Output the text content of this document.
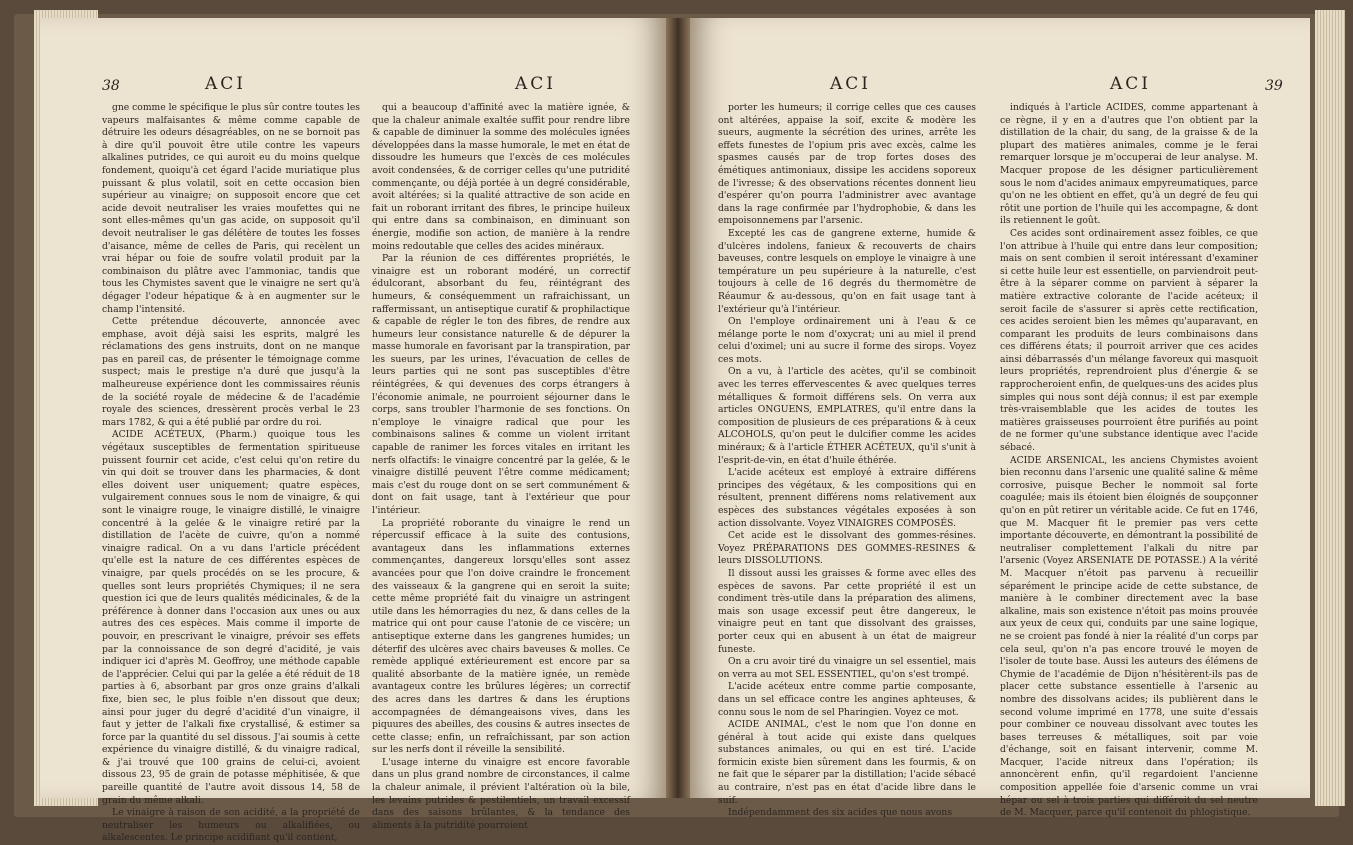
38	ACI	ACI

gne comme le spécifique le plus sûr contre toutes les vapeurs malfaisantes & même comme capable de détruire les odeurs désagréables, on ne se bornoit pas à dire qu'il pouvoit être utile contre les vapeurs alkalines putrides, ce qui auroit eu du moins quelque fondement, quoiqu'à cet égard l'acide muriatique plus puissant & plus volatil, soit en cette occasion bien supérieur au vinaigre; on supposoit encore que cet acide devoit neutraliser les vraies moufettes qui ne sont elles-mêmes qu'un gas acide, on supposoit qu'il devoit neutraliser le gas délétère de toutes les fosses d'aisance, même de celles de Paris, qui recèlent un vrai hépar ou foie de soufre volatil produit par la combinaison du plâtre avec l'ammoniac, tandis que tous les Chymistes savent que le vinaigre ne sert qu'à dégager l'odeur hépatique & à en augmenter sur le champ l'intensité.

Cette prétendue découverte, annoncée avec emphase, avoit déjà saisi les esprits, malgré les réclamations des gens instruits, dont on ne manque pas en pareil cas, de présenter le témoignage comme suspect; mais le prestige n'a duré que jusqu'à la malheureuse expérience dont les commissaires réunis de la société royale de médecine & de l'académie royale des sciences, dressèrent procès verbal le 23 mars 1782, & qui a été publié par ordre du roi.

ACIDE ACÉTEUX, (Pharm.) quoique tous les végétaux susceptibles de fermentation spiritueuse puissent fournir cet acide, c'est celui qu'on retire du vin qui doit se trouver dans les pharmacies, & dont elles doivent user uniquement; quatre espèces, vulgairement connues sous le nom de vinaigre, & qui sont le vinaigre rouge, le vinaigre distillé, le vinaigre concentré à la gelée & le vinaigre retiré par la distillation de l'acète de cuivre, qu'on a nommé vinaigre radical. On a vu dans l'article précédent qu'elle est la nature de ces différentes espèces de vinaigre, par quels procédés on se les procure, & quelles sont leurs propriétés Chymiques; il ne sera question ici que de leurs qualités médicinales, & de la préférence à donner dans l'occasion aux unes ou aux autres des ces espèces. Mais comme il importe de pouvoir, en prescrivant le vinaigre, prévoir ses effets par la connoissance de son degré d'acidité, je vais indiquer ici d'après M. Geoffroy, une méthode capable de l'apprécier. Celui qui par la gelée a été réduit de 18 parties à 6, absorbant par gros onze grains d'alkali fixe, bien sec, le plus foible n'en dissout que deux; ainsi pour juger du degré d'acidité d'un vinaigre, il faut y jetter de l'alkali fixe crystallisé, & estimer sa force par la quantité du sel dissous. J'ai soumis à cette expérience du vinaigre distillé, & du vinaigre radical, & j'ai trouvé que 100 grains de celui-ci, avoient dissous 23, 95 de grain de potasse méphitisée, & que pareille quantité de l'autre avoit dissous 14, 58 de grain du même alkali.

Le vinaigre à raison de son acidité, a la propriété de neutraliser les humeurs ou alkalifiées, ou alkalescentes. Le principe acidifiant qu'il contient,

qui a beaucoup d'affinité avec la matière ignée, & que la chaleur animale exaltée suffit pour rendre libre & capable de diminuer la somme des molécules ignées développées dans la masse humorale, le met en état de dissoudre les humeurs que l'excès de ces molécules avoit condensées, & de corriger celles qu'une putridité commençante, ou déjà portée à un degré considérable, avoit altérées; si la qualité attractive de son acide en fait un roborant irritant des fibres, le principe huileux qui entre dans sa combinaison, en diminuant son énergie, modifie son action, de manière à la rendre moins redoutable que celles des acides minéraux.

Par la réunion de ces différentes propriétés, le vinaigre est un roborant modéré, un correctif édulcorant, absorbant du feu, réintégrant des humeurs, & conséquemment un rafraichissant, un raffermissant, un antiseptique curatif & prophilactique & capable de régler le ton des fibres, de rendre aux humeurs leur consistance naturelle & de dépurer la masse humorale en favorisant par la transpiration, par les sueurs, par les urines, l'évacuation de celles de leurs parties qui ne sont pas susceptibles d'être réintégrées, & qui devenues des corps étrangers à l'économie animale, ne pourroient séjourner dans le corps, sans troubler l'harmonie de ses fonctions. On n'employe le vinaigre radical que pour les combinaisons salines & comme un violent irritant capable de ranimer les forces vitales en irritant les nerfs olfactifs: le vinaigre concentré par la gelée, & le vinaigre distillé peuvent l'être comme médicament; mais c'est du rouge dont on se sert communément & dont on fait usage, tant à l'extérieur que pour l'intérieur.

La propriété roborante du vinaigre le rend un répercussif efficace à la suite des contusions, avantageux dans les inflammations externes commençantes, dangereux lorsqu'elles sont assez avancées pour que l'on doive craindre le froncement des vaisseaux & la gangrene qui en seroit la suite; cette même propriété fait du vinaigre un astringent utile dans les hémorragies du nez, & dans celles de la matrice qui ont pour cause l'atonie de ce viscère; un antiseptique externe dans les gangrenes humides; un déterfif des ulcères avec chairs baveuses & molles. Ce remède appliqué extérieurement est encore par sa qualité absorbante de la matière ignée, un remède avantageux contre les brûlures légères; un correctif des acres dans les dartres & dans les éruptions accompagnées de démangeaisons vives, dans les piquures des abeilles, des cousins & autres insectes de cette classe; enfin, un refraîchissant, par son action sur les nerfs dont il réveille la sensibilité.

L'usage interne du vinaigre est encore favorable dans un plus grand nombre de circonstances, il calme la chaleur animale, il prévient l'altération où la bile, les levains putrides & pestilentiels, un travail excessif dans des saisons brûlantes, & la tendance des aliments à la putridité pourroient

ACI	ACI	39

porter les humeurs; il corrige celles que ces causes ont altérées, appaise la soif, excite & modère les sueurs, augmente la sécrétion des urines, arrête les effets funestes de l'opium pris avec excès, calme les spasmes causés par de trop fortes doses des émétiques antimoniaux, dissipe les accidens soporeux de l'ivresse; & des observations récentes donnent lieu d'espérer qu'on pourra l'administrer avec avantage dans la rage confirmée par l'hydrophobie, & dans les empoisonnemens par l'arsenic.

Excepté les cas de gangrene externe, humide & d'ulcères indolens, fanieux & recouverts de chairs baveuses, contre lesquels on employe le vinaigre à une température un peu supérieure à la naturelle, c'est toujours à celle de 16 degrés du thermomètre de Réaumur & au-dessous, qu'on en fait usage tant à l'extérieur qu'à l'intérieur.

On l'employe ordinairement uni à l'eau & ce mélange porte le nom d'oxycrat; uni au miel il prend celui d'oximel; uni au sucre il forme des sirops. Voyez ces mots.

On a vu, à l'article des acètes, qu'il se combinoit avec les terres effervescentes & avec quelques terres métalliques & formoit différens sels. On verra aux articles ONGUENS, EMPLATRES, qu'il entre dans la composition de plusieurs de ces préparations & à ceux ALCOHOLS, qu'on peut le dulcifier comme les acides minéraux; & à l'article ÉTHER ACÉTEUX, qu'il s'unit à l'esprit-de-vin, en état d'huile éthérée.

L'acide acéteux est employé à extraire différens principes des végétaux, & les compositions qui en résultent, prennent différens noms relativement aux espèces des substances végétales exposées à son action dissolvante. Voyez VINAIGRES COMPOSÉS.

Cet acide est le dissolvant des gommes-résines. Voyez PRÉPARATIONS DES GOMMES-RESINES & leurs DISSOLUTIONS.

Il dissout aussi les graisses & forme avec elles des espèces de savons. Par cette propriété il est un condiment très-utile dans la préparation des alimens, mais son usage excessif peut être dangereux, le vinaigre peut en tant que dissolvant des graisses, porter ceux qui en abusent à un état de maigreur funeste.

On a cru avoir tiré du vinaigre un sel essentiel, mais on verra au mot SEL ESSENTIEL, qu'on s'est trompé.

L'acide acéteux entre comme partie composante, dans un sel efficace contre les angines aphteuses, & connu sous le nom de sel Pharingien. Voyez ce mot.

ACIDE ANIMAL, c'est le nom que l'on donne en général à tout acide qui existe dans quelques substances animales, ou qui en est tiré. L'acide formicin existe bien sûrement dans les fourmis, & on ne fait que le séparer par la distillation; l'acide sébacé au contraire, n'est pas en état d'acide libre dans le suif.

Indépendamment des six acides que nous avons

indiqués à l'article ACIDES, comme appartenant à ce règne, il y en a d'autres que l'on obtient par la distillation de la chair, du sang, de la graisse & de la plupart des matières animales, comme je le ferai remarquer lorsque je m'occuperai de leur analyse. M. Macquer propose de les désigner particulièrement sous le nom d'acides animaux empyreumatiques, parce qu'on ne les obtient en effet, qu'à un degré de feu qui rôtit une portion de l'huile qui les accompagne, & dont ils retiennent le goût.

Ces acides sont ordinairement assez foibles, ce que l'on attribue à l'huile qui entre dans leur composition; mais on sent combien il seroit intéressant d'examiner si cette huile leur est essentielle, on parviendroit peut-être à la séparer comme on parvient à séparer la matière extractive colorante de l'acide acéteux; il seroit facile de s'assurer si après cette rectification, ces acides seroient bien les mêmes qu'auparavant, en comparant les produits de leurs combinaisons dans ces différens états; il pourroit arriver que ces acides ainsi débarrassés d'un mélange favoreux qui masquoit leurs propriétés, reprendroient plus d'énergie & se rapprocheroient enfin, de quelques-uns des acides plus simples qui nous sont déjà connus; il est par exemple très-vraisemblable que les acides de toutes les matières graisseuses pourroient être purifiés au point de ne former qu'une substance identique avec l'acide sébacé.

ACIDE ARSENICAL, les anciens Chymistes avoient bien reconnu dans l'arsenic une qualité saline & même corrosive, puisque Becher le nommoit sal forte coagulée; mais ils étoient bien éloignés de soupçonner qu'on en pût retirer un véritable acide. Ce fut en 1746, que M. Macquer fit le premier pas vers cette importante découverte, en démontrant la possibilité de neutraliser complettement l'alkali du nitre par l'arsenic (Voyez ARSENIATE DE POTASSE.) A la vérité M. Macquer n'étoit pas parvenu à recueillir séparément le principe acide de cette substance, de manière à le combiner directement avec la base alkaline, mais son existence n'étoit pas moins prouvée aux yeux de ceux qui, conduits par une saine logique, ne se croient pas fondé à nier la réalité d'un corps par cela seul, qu'on n'a pas encore trouvé le moyen de l'isoler de toute base. Aussi les auteurs des élémens de Chymie de l'académie de Dijon n'hésitèrent-ils pas de placer cette substance essentielle à l'arsenic au nombre des dissolvans acides; ils publièrent dans le second volume imprimé en 1778, une suite d'essais pour combiner ce nouveau dissolvant avec toutes les bases terreuses & métalliques, soit par voie d'échange, soit en faisant intervenir, comme M. Macquer, l'acide nitreux dans l'opération; ils annoncèrent enfin, qu'il regardoient l'ancienne composition appellée foie d'arsenic comme un vrai hépar ou sel à trois parties qui différoit du sel neutre de M. Macquer, parce qu'il contenoit du phlogistique.
